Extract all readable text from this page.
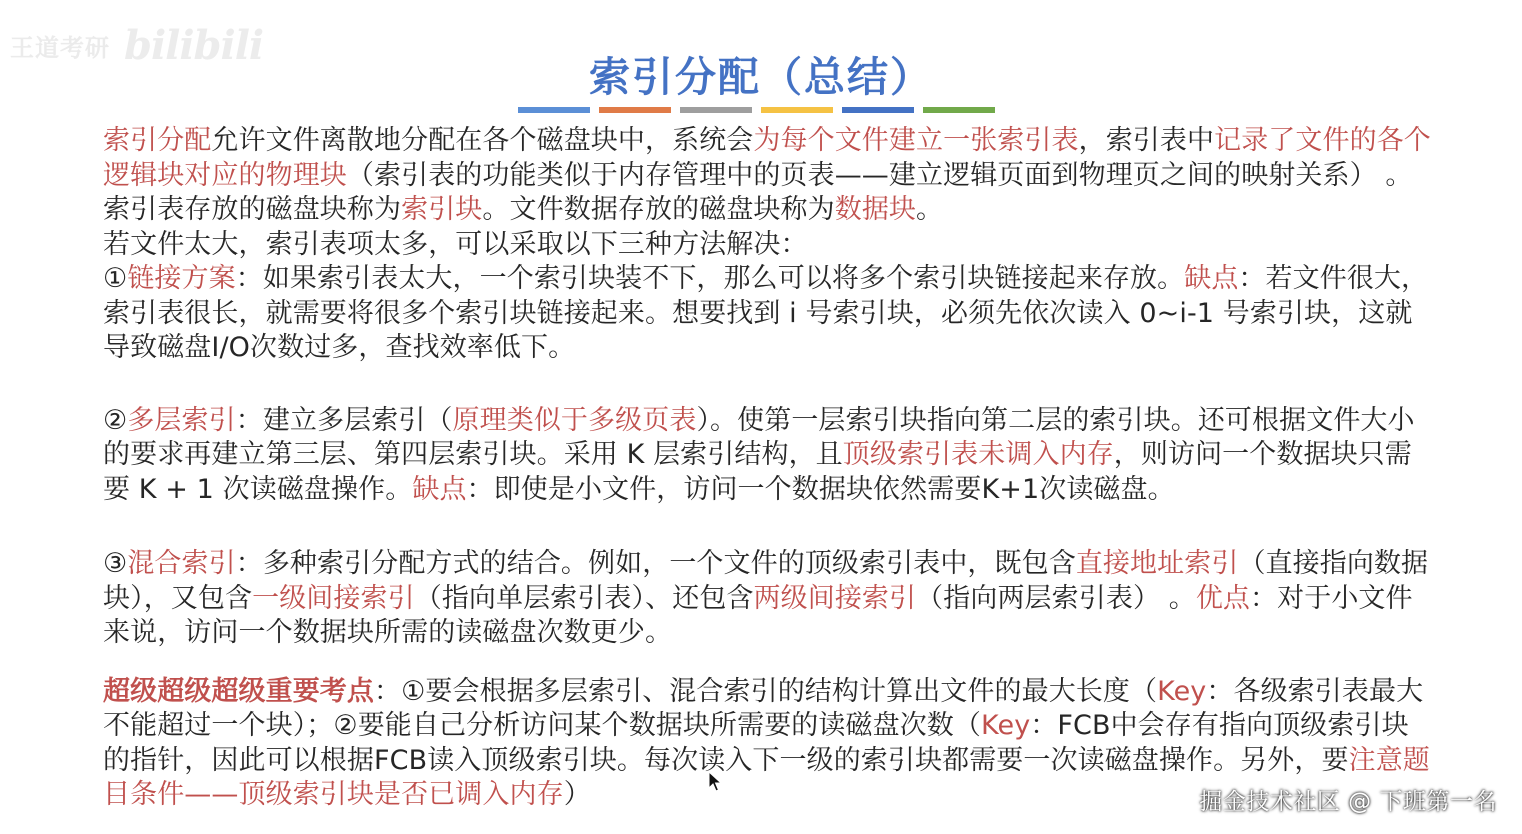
王道考研 bilibili
索引分配（总结）

索引分配允许文件离散地分配在各个磁盘块中，系统会为每个文件建立一张索引表，索引表中记录了文件的各个逻辑块对应的物理块（索引表的功能类似于内存管理中的页表——建立逻辑页面到物理页之间的映射关系） 。索引表存放的磁盘块称为索引块。文件数据存放的磁盘块称为数据块。

若文件太大，索引表项太多，可以采取以下三种方法解决：

①链接方案：如果索引表太大，一个索引块装不下，那么可以将多个索引块链接起来存放。缺点：若文件很大，索引表很长，就需要将很多个索引块链接起来。想要找到 i 号索引块，必须先依次读入 0~i-1 号索引块，这就导致磁盘I/O次数过多，查找效率低下。

②多层索引：建立多层索引（原理类似于多级页表）。使第一层索引块指向第二层的索引块。还可根据文件大小的要求再建立第三层、第四层索引块。采用 K 层索引结构，且顶级索引表未调入内存，则访问一个数据块只需要 K + 1 次读磁盘操作。缺点：即使是小文件，访问一个数据块依然需要K+1次读磁盘。

③混合索引：多种索引分配方式的结合。例如，一个文件的顶级索引表中，既包含直接地址索引（直接指向数据块），又包含一级间接索引（指向单层索引表）、还包含两级间接索引（指向两层索引表） 。优点：对于小文件来说，访问一个数据块所需的读磁盘次数更少。

超级超级超级重要考点：①要会根据多层索引、混合索引的结构计算出文件的最大长度（Key：各级索引表最大不能超过一个块）；②要能自己分析访问某个数据块所需要的读磁盘次数（Key：FCB中会存有指向顶级索引块的指针，因此可以根据FCB读入顶级索引块。每次读入下一级的索引块都需要一次读磁盘操作。另外，要注意题目条件——顶级索引块是否已调入内存）	掘金技术社区 @ 下班第一名
